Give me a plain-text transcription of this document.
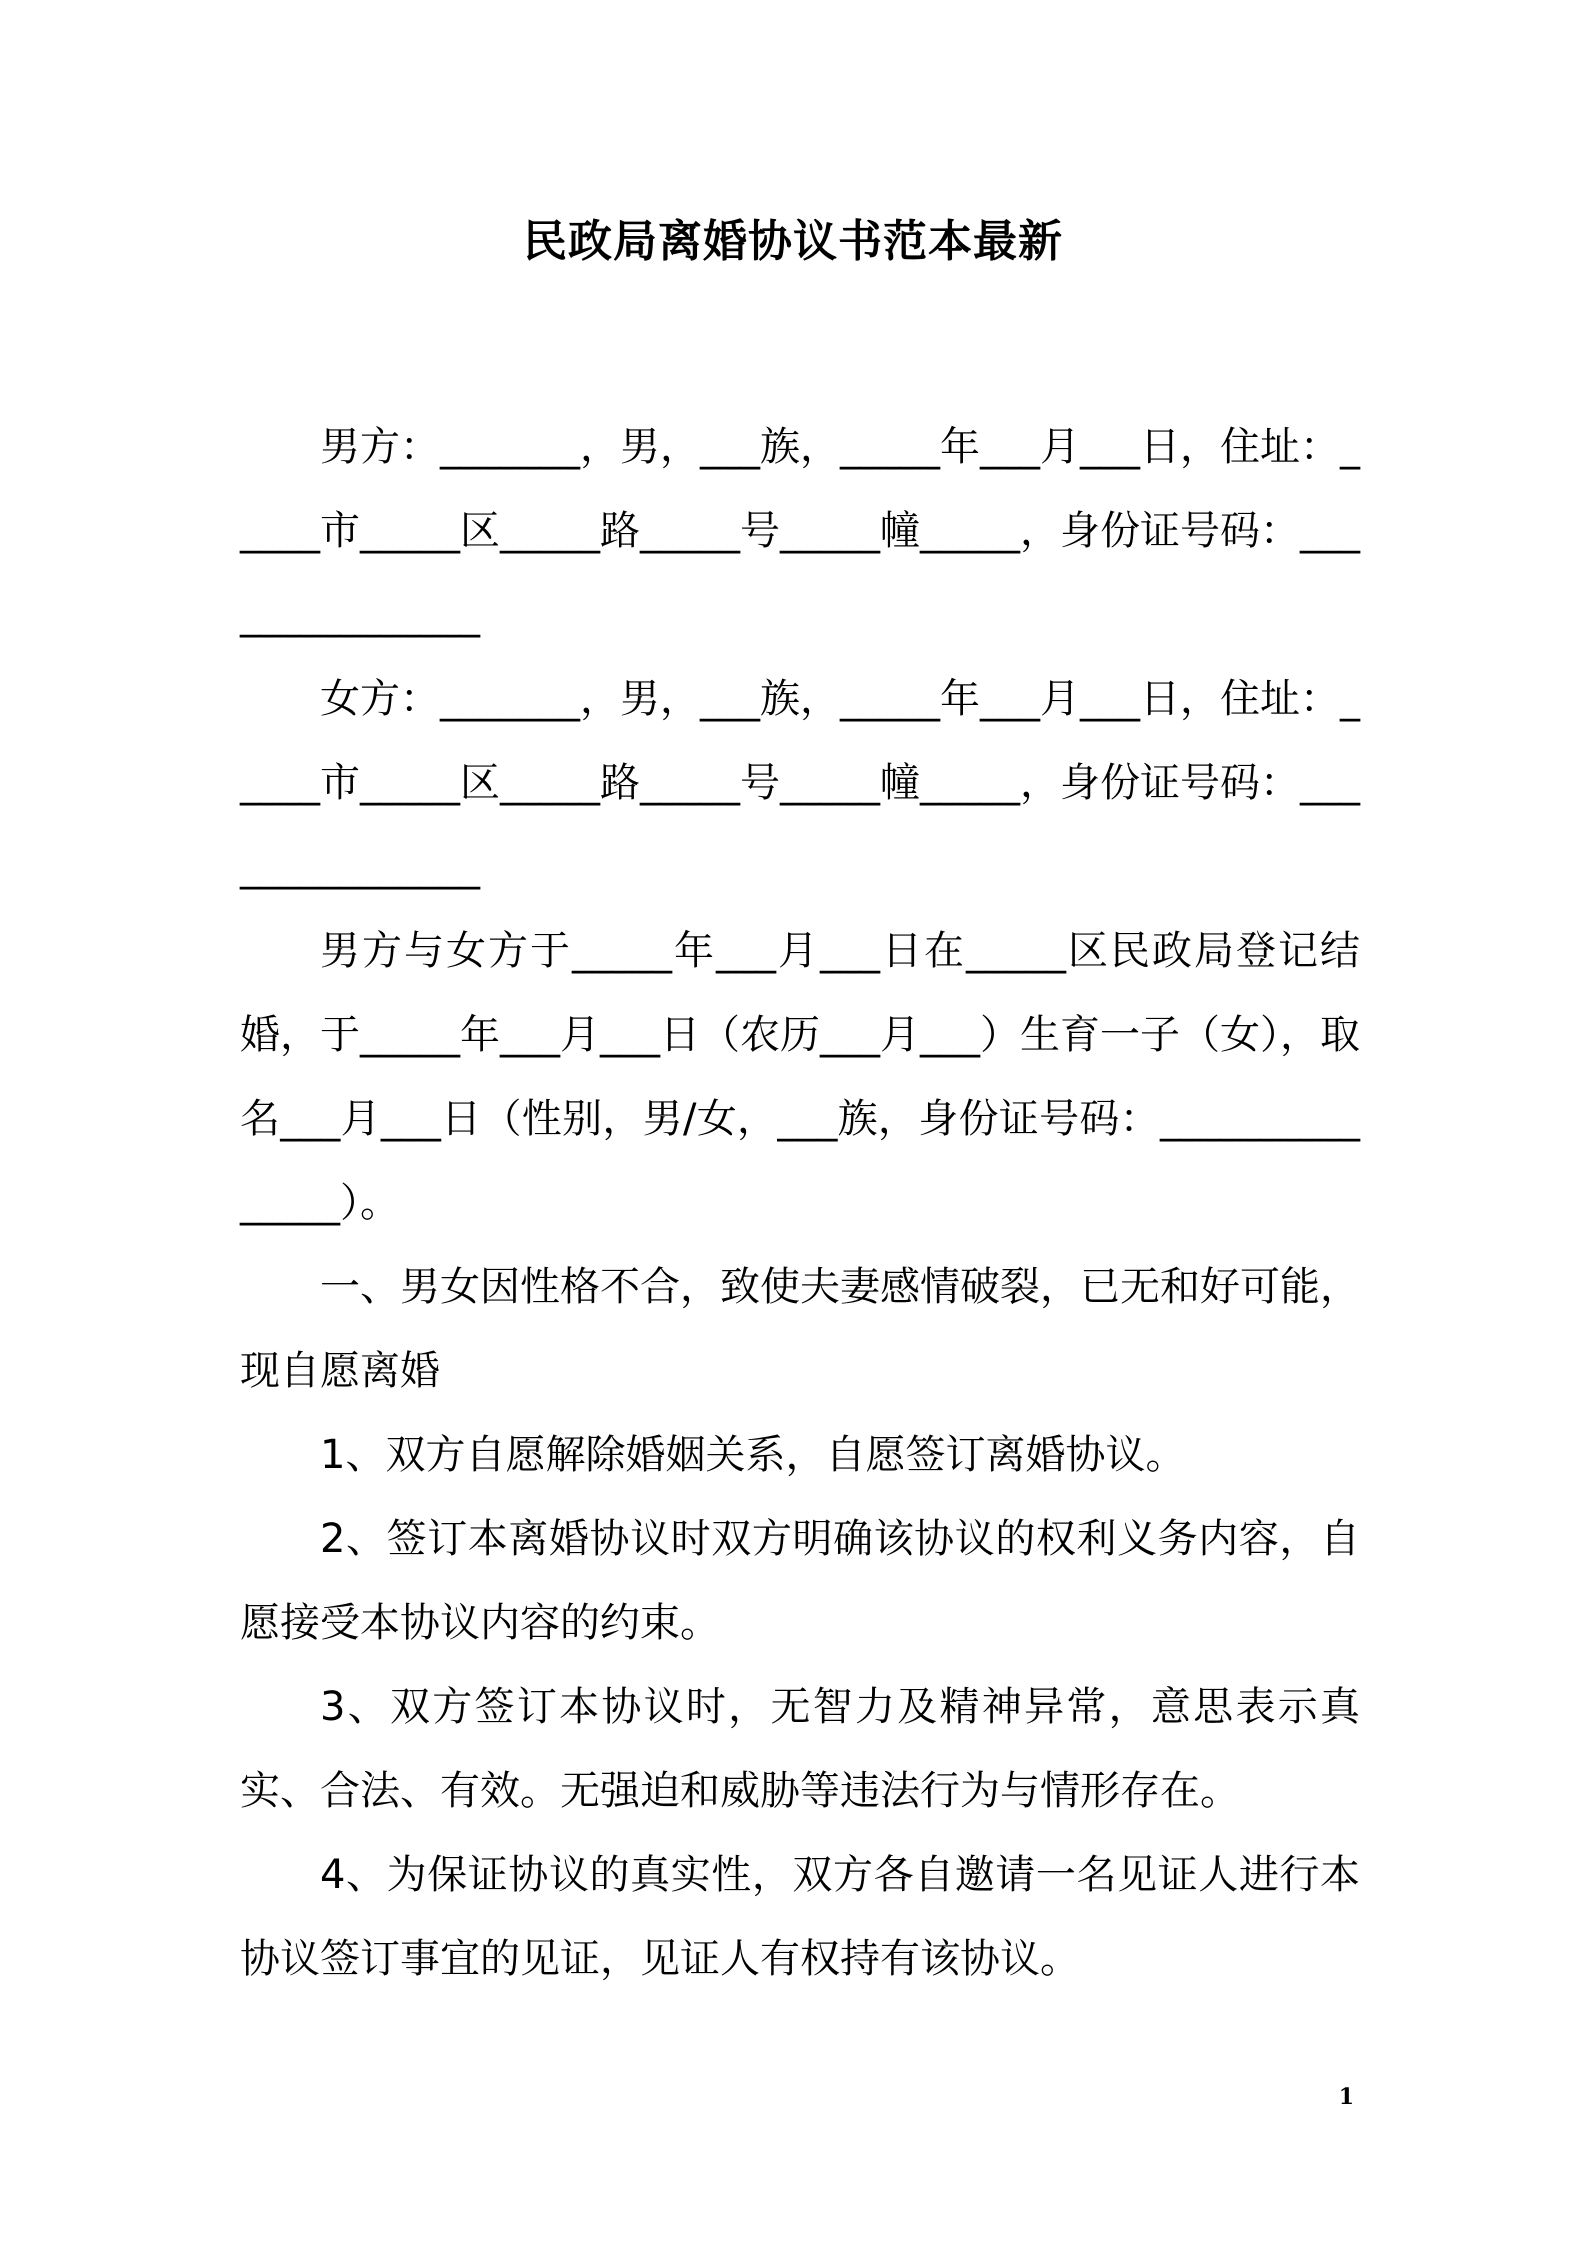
民政局离婚协议书范本最新

男方：_______，男，___族，_____年___月___日，住址：_____市_____区_____路_____号_____幢_____，身份证号码：_______________

女方：_______，男，___族，_____年___月___日，住址：_____市_____区_____路_____号_____幢_____，身份证号码：_______________

男方与女方于_____年___月___日在_____区民政局登记结婚，于_____年___月___日（农历___月___）生育一子（女），取名___月___日（性别，男/女，___族，身份证号码：_______________）。

一、男女因性格不合，致使夫妻感情破裂，已无和好可能，现自愿离婚

1、双方自愿解除婚姻关系，自愿签订离婚协议。

2、签订本离婚协议时双方明确该协议的权利义务内容，自愿接受本协议内容的约束。

3、双方签订本协议时，无智力及精神异常，意思表示真实、合法、有效。无强迫和威胁等违法行为与情形存在。

4、为保证协议的真实性，双方各自邀请一名见证人进行本协议签订事宜的见证，见证人有权持有该协议。

1
